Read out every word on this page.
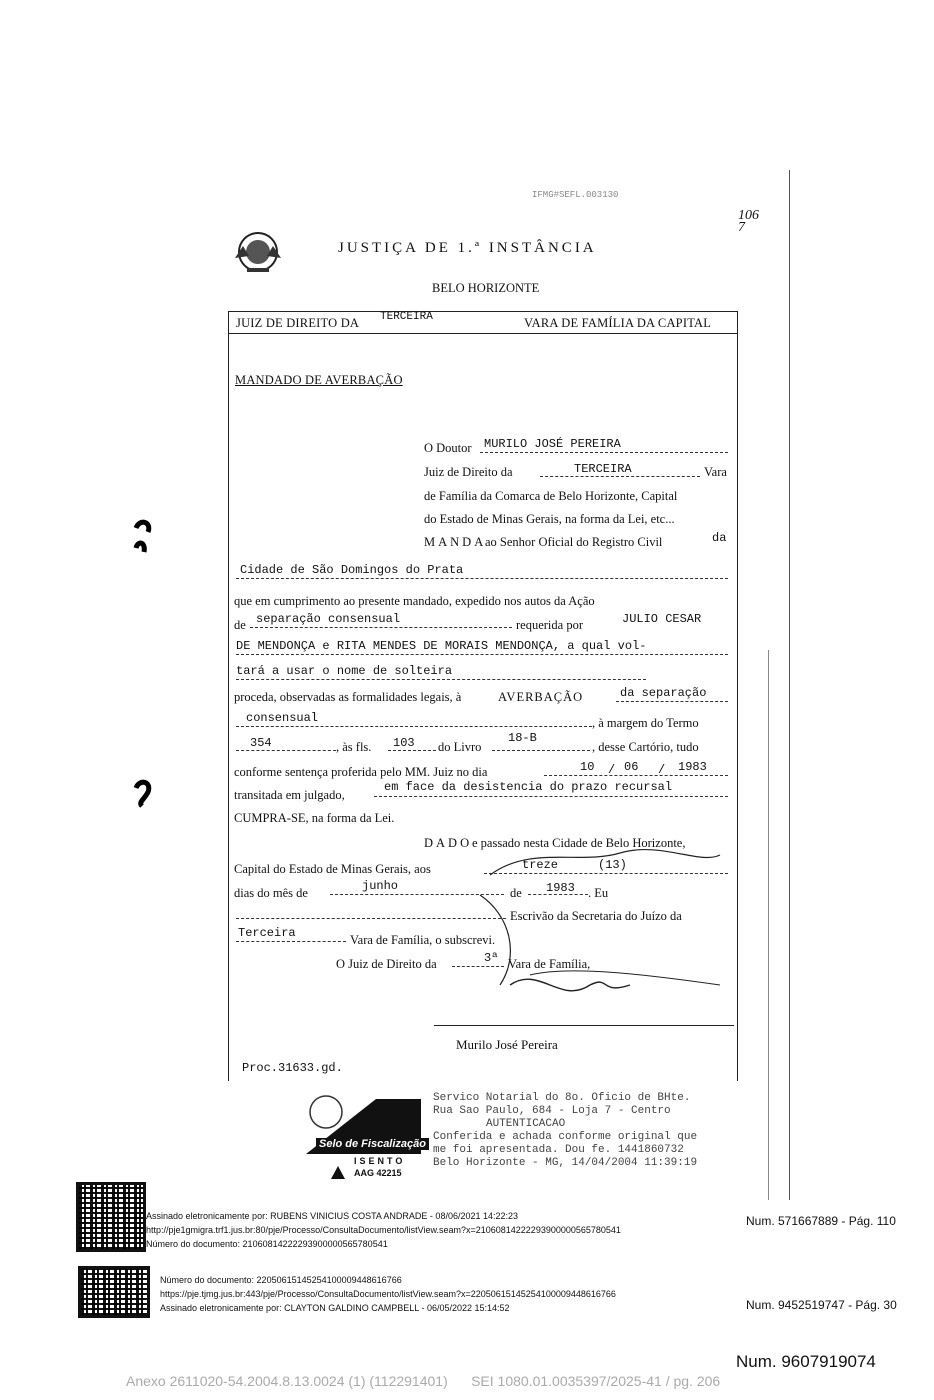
IFMG#SEFL.003130
106
7
JUSTIÇA DE 1.ª INSTÂNCIA
BELO HORIZONTE
JUIZ DE DIREITO DA TERCEIRA	VARA DE FAMÍLIA DA CAPITAL
MANDADO DE AVERBAÇÃO
O Doutor MURILO JOSÉ PEREIRA
Juiz de Direito da	TERCEIRA	Vara
de Família da Comarca de Belo Horizonte, Capital
do Estado de Minas Gerais, na forma da Lei, etc...
MANDA
ao Senhor Oficial do Registro Civil	da
Cidade de São Domingos do Prata
que em cumprimento ao presente mandado, expedido nos autos da Ação
de separação consensual	requerida por	JULIO CESAR
DE MENDONÇA e RITA MENDES DE MORAIS MENDONÇA, a qual vol-
tará a usar o nome de solteira
proceda, observadas as formalidades legais, à	AVERBAÇÃO	da separação
consensual	, à margem do Termo
354	, às fls. 103 do Livro
18-B
, desse Cartório, tudo
conforme sentença proferida pelo MM. Juiz no dia	10 / 06 / 1983
transitada em julgado,
em face da desistencia do prazo recursal
CUMPRA-SE, na forma da Lei.
DADO e passado nesta Cidade de Belo Horizonte,
Capital do Estado de Minas Gerais, aos	treze	(13)
dias do mês de	junho	de 1983 . Eu
Escrivão da Secretaria do Juízo da
Terceira	Vara de Família, o subscrevi.
O Juiz de Direito da	3ª Vara de Família,
Murilo José Pereira
Proc.31633.gd.
Selo de Fiscalização
ISENTO
AAG 42215
Servico Notarial do 8o. Oficio de BHte.
Rua Sao Paulo, 684 - Loja 7 - Centro
AUTENTICACAO
Conferida e achada conforme original que
me foi apresentada. Dou fe. 1441860732
Belo Horizonte - MG, 14/04/2004 11:39:19
Assinado eletronicamente por: RUBENS VINICIUS COSTA ANDRADE - 08/06/2021 14:22:23
http://pje1gmigra.trf1.jus.br:80/pje/Processo/ConsultaDocumento/listView.seam?x=21060814222293900000565780541
Número do documento: 21060814222293900000565780541
Num. 571667889 - Pág. 110
Número do documento: 22050615145254100009448616766
https://pje.tjmg.jus.br:443/pje/Processo/ConsultaDocumento/listView.seam?x=22050615145254100009448616766
Assinado eletronicamente por: CLAYTON GALDINO CAMPBELL - 06/05/2022 15:14:52	Num. 9452519747 - Pág. 30
Num. 9607919074
Anexo 2611020-54.2004.8.13.0024 (1) (112291401)      SEI 1080.01.0035397/2025-41 / pg. 206
